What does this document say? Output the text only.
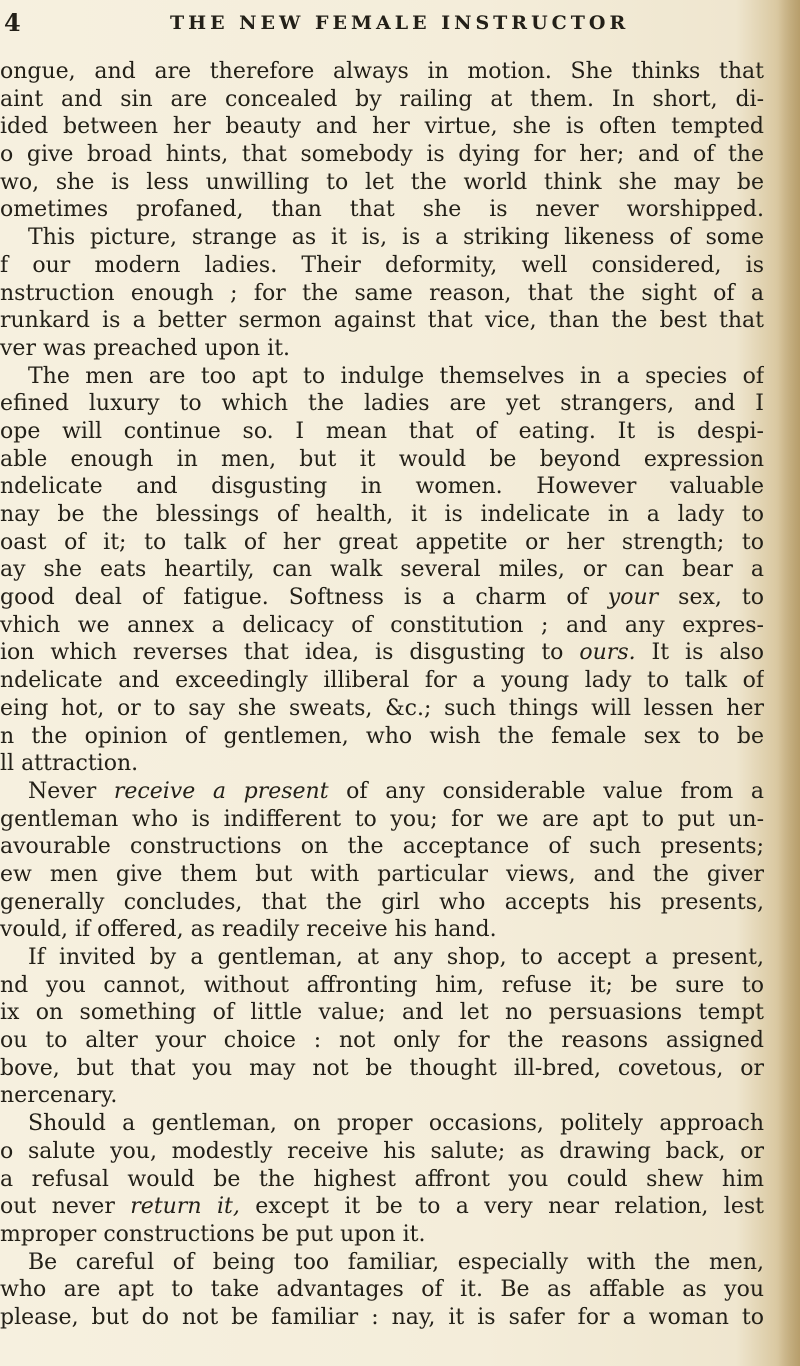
4	THE NEW FEMALE INSTRUCTOR
ongue, and are therefore always in motion. She thinks that
aint and sin are concealed by railing at them. In short, di-
ided between her beauty and her virtue, she is often tempted
o give broad hints, that somebody is dying for her; and of the
wo, she is less unwilling to let the world think she may be
ometimes profaned, than that she is never worshipped.
This picture, strange as it is, is a striking likeness of some
f our modern ladies. Their deformity, well considered, is
nstruction enough ; for the same reason, that the sight of a
runkard is a better sermon against that vice, than the best that
ver was preached upon it.
The men are too apt to indulge themselves in a species of
efined luxury to which the ladies are yet strangers, and I
ope will continue so. I mean that of eating. It is despi-
able enough in men, but it would be beyond expression
ndelicate and disgusting in women. However valuable
nay be the blessings of health, it is indelicate in a lady to
oast of it; to talk of her great appetite or her strength; to
ay she eats heartily, can walk several miles, or can bear a
good deal of fatigue. Softness is a charm of your sex, to
vhich we annex a delicacy of constitution ; and any expres-
ion which reverses that idea, is disgusting to ours. It is also
ndelicate and exceedingly illiberal for a young lady to talk of
eing hot, or to say she sweats, &c.; such things will lessen her
n the opinion of gentlemen, who wish the female sex to be
ll attraction.
Never receive a present of any considerable value from a
gentleman who is indifferent to you; for we are apt to put un-
avourable constructions on the acceptance of such presents;
ew men give them but with particular views, and the giver
generally concludes, that the girl who accepts his presents,
vould, if offered, as readily receive his hand.
If invited by a gentleman, at any shop, to accept a present,
nd you cannot, without affronting him, refuse it; be sure to
ix on something of little value; and let no persuasions tempt
ou to alter your choice : not only for the reasons assigned
bove, but that you may not be thought ill-bred, covetous, or
nercenary.
Should a gentleman, on proper occasions, politely approach
o salute you, modestly receive his salute; as drawing back, or
a refusal would be the highest affront you could shew him
out never return it, except it be to a very near relation, lest
mproper constructions be put upon it.
Be careful of being too familiar, especially with the men,
who are apt to take advantages of it. Be as affable as you
please, but do not be familiar : nay, it is safer for a woman to
